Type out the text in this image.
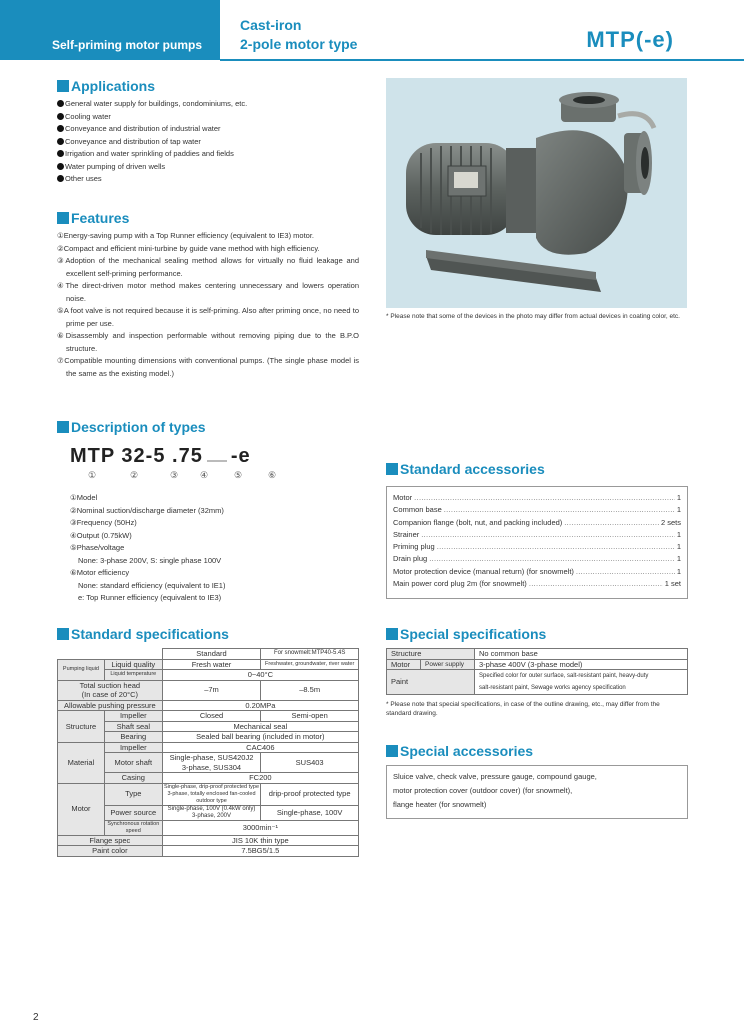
Self-priming motor pumps
Cast-iron
2-pole motor type	MTP(-e)
Applications
General water supply for buildings, condominiums, etc.
Cooling water
Conveyance and distribution of industrial water
Conveyance and distribution of tap water
Irrigation and water sprinkling of paddies and fields
Water pumping of driven wells
Other uses
Features
①Energy-saving pump with a Top Runner efficiency (equivalent to IE3) motor.
②Compact and efficient mini-turbine by guide vane method with high efficiency.
③Adoption of the mechanical sealing method allows for virtually no fluid leakage and excellent self-priming performance.
④The direct-driven motor method makes centering unnecessary and lowers operation noise.
⑤A foot valve is not required because it is self-priming. Also after priming once, no need to prime per use.
⑥Disassembly and inspection performable without removing piping due to the B.P.O structure.
⑦Compatible mounting dimensions with conventional pumps. (The single phase model is the same as the existing model.)
* Please note that some of the devices in the photo may differ from actual devices in coating color, etc.
Description of types
MTP 32-5 .75 -e
①	②	③ ④	⑤	⑥
①Model
②Nominal suction/discharge diameter (32mm)
③Frequency (50Hz)
④Output (0.75kW)
⑤Phase/voltage
None: 3-phase 200V, S: single phase 100V
⑥Motor efficiency
None: standard efficiency (equivalent to IE1)
e: Top Runner efficiency (equivalent to IE3)
Standard accessories
Motor .....	1
Common base .....	1
Companion flange (bolt, nut, and packing included) .....	2 sets
Strainer .....	1
Priming plug .....	1
Drain plug .....	1
Motor protection device (manual return) (for snowmelt) .....	1
Main power cord plug 2m (for snowmelt) .....	1 set
Standard specifications
		Standard	For snowmelt:MTP40-5.4S
Pumping liquid	Liquid quality	Fresh water	Freshwater, groundwater, river water
	Liquid temperature	0~40°C	

Total suction head
(In case of 20°C)		–7m	–8.5m
Allowable pushing pressure		0.20MPa	
Structure	Impeller	Closed	Semi-open
	Shaft seal	Mechanical seal	
	Bearing	Sealed ball bearing (included in motor)	
Material	Impeller	CAC406	
	Motor shaft	Single-phase, SUS420J2
3-phase, SUS304	SUS403
	Casing	FC200	
Motor	Type	Single-phase, drip-proof protected type
3-phase, totally enclosed fan-cooled
outdoor type	drip-proof protected type
	Power source	Single-phase, 100V (0.4kW only)
3-phase, 200V	Single-phase, 100V
	Synchronous rotation speed	3000min⁻¹	
Flange spec		JIS 10K thin type	
Paint color		7.5BG5/1.5	
Special specifications
Structure		No common base
Motor	Power supply	3-phase 400V (3-phase model)
Paint		Specified color for outer surface, salt-resistant paint, heavy-duty
salt-resistant paint, Sewage works agency specification
* Please note that special specifications, in case of the outline drawing, etc., may differ from the standard drawing.
Special accessories
Sluice valve, check valve, pressure gauge, compound gauge,
motor protection cover (outdoor cover) (for snowmelt),
flange heater (for snowmelt)
2
